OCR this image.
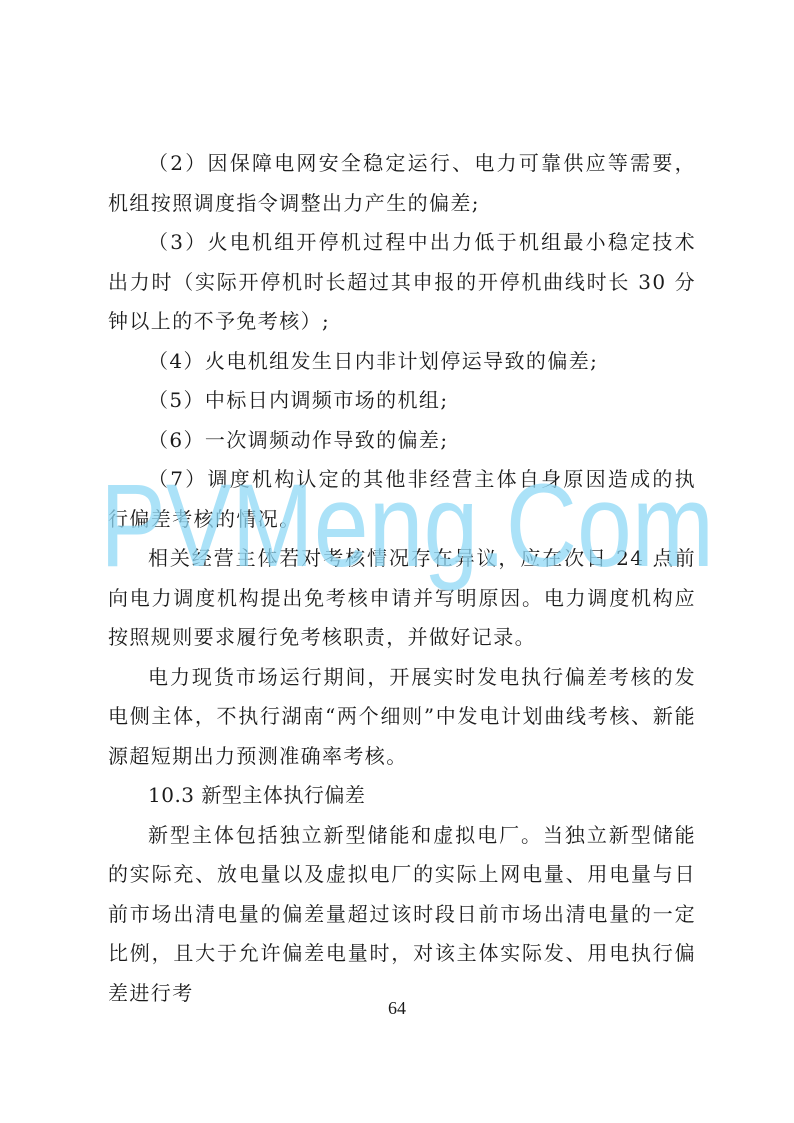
（2）因保障电网安全稳定运行、电力可靠供应等需要，机组按照调度指令调整出力产生的偏差;

（3）火电机组开停机过程中出力低于机组最小稳定技术出力时（实际开停机时长超过其申报的开停机曲线时长 30 分钟以上的不予免考核）;

（4）火电机组发生日内非计划停运导致的偏差;

（5）中标日内调频市场的机组;

（6）一次调频动作导致的偏差;

（7）调度机构认定的其他非经营主体自身原因造成的执行偏差考核的情况。

相关经营主体若对考核情况存在异议，应在次日 24 点前向电力调度机构提出免考核申请并写明原因。电力调度机构应按照规则要求履行免考核职责，并做好记录。

电力现货市场运行期间，开展实时发电执行偏差考核的发电侧主体，不执行湖南“两个细则”中发电计划曲线考核、新能源超短期出力预测准确率考核。

10.3 新型主体执行偏差

新型主体包括独立新型储能和虚拟电厂。当独立新型储能的实际充、放电量以及虚拟电厂的实际上网电量、用电量与日前市场出清电量的偏差量超过该时段日前市场出清电量的一定比例，且大于允许偏差电量时，对该主体实际发、用电执行偏差进行考

PVMeng.Com
64
